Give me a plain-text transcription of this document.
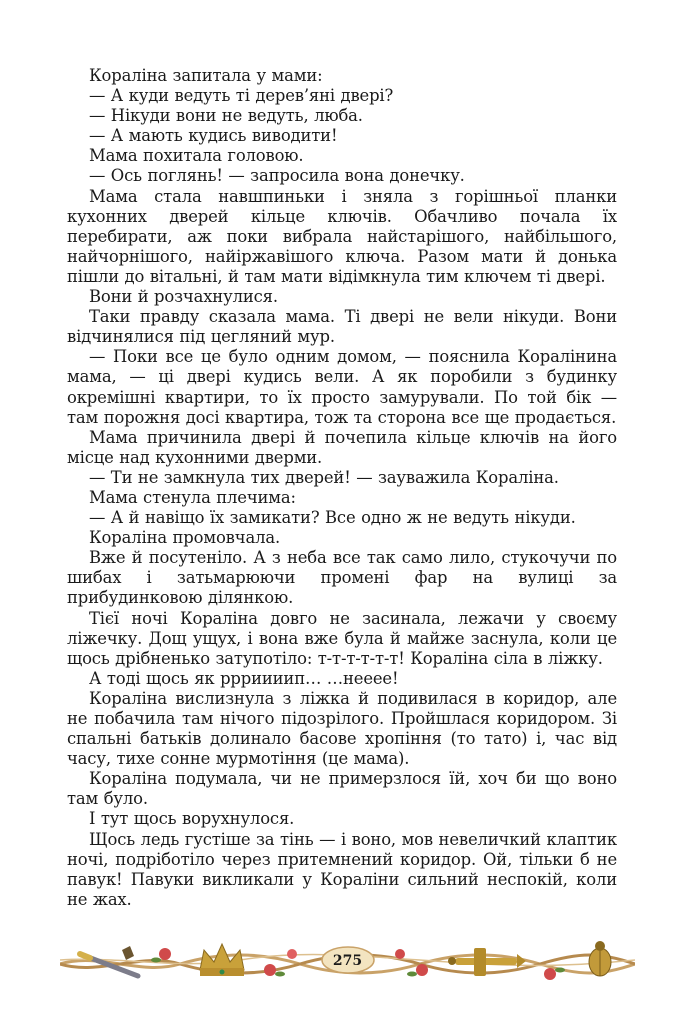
Кораліна запитала у мами:

— А куди ведуть ті дерев’яні двері?

— Нікуди вони не ведуть, люба.

— А мають кудись виводити!

Мама похитала головою.

— Ось поглянь! — запросила вона донечку.

Мама стала навшпиньки і зняла з горішньої планки кухонних дверей кільце ключів. Обачливо почала їх перебирати, аж поки вибрала найстарішого, найбільшого, найчорнішого, найіржавішого ключа. Разом мати й донька пішли до вітальні, й там мати відімкнула тим ключем ті двері.

Вони й розчахнулися.

Таки правду сказала мама. Ті двері не вели нікуди. Вони відчинялися під цегляний мур.

— Поки все це було одним домом, — пояснила Коралінина мама, — ці двері кудись вели. А як поробили з будинку окремішні квартири, то їх просто замурували. По той бік — там порожня досі квартира, тож та сторона все ще продається.

Мама причинила двері й почепила кільце ключів на його місце над кухонними дверми.

— Ти не замкнула тих дверей! — зауважила Кораліна.

Мама стенула плечима:

— А й навіщо їх замикати? Все одно ж не ведуть нікуди.

Кораліна промовчала.

Вже й посутеніло. А з неба все так само лило, стукочучи по шибах і затьмарюючи промені фар на вулиці за прибудинковою ділянкою.

Тієї ночі Кораліна довго не засинала, лежачи у своєму ліжечку. Дощ ущух, і вона вже була й майже заснула, коли це щось дрібненько затупотіло: т-т-т-т-т-т! Кораліна сіла в ліжку.

А тоді щось як ррриииип… …нееее!

Кораліна вислизнула з ліжка й подивилася в коридор, але не побачила там нічого підозрілого. Пройшлася коридором. Зі спальні батьків долинало басове хропіння (то тато) і, час від часу, тихе сонне мурмотіння (це мама).

Кораліна подумала, чи не примерзлося їй, хоч би що воно там було.

І тут щось ворухнулося.

Щось ледь густіше за тінь — і воно, мов невеличкий клаптик ночі, подріботіло через притемнений коридор. Ой, тільки б не павук! Павуки викликали у Кораліни сильний неспокій, коли не жах.

275
